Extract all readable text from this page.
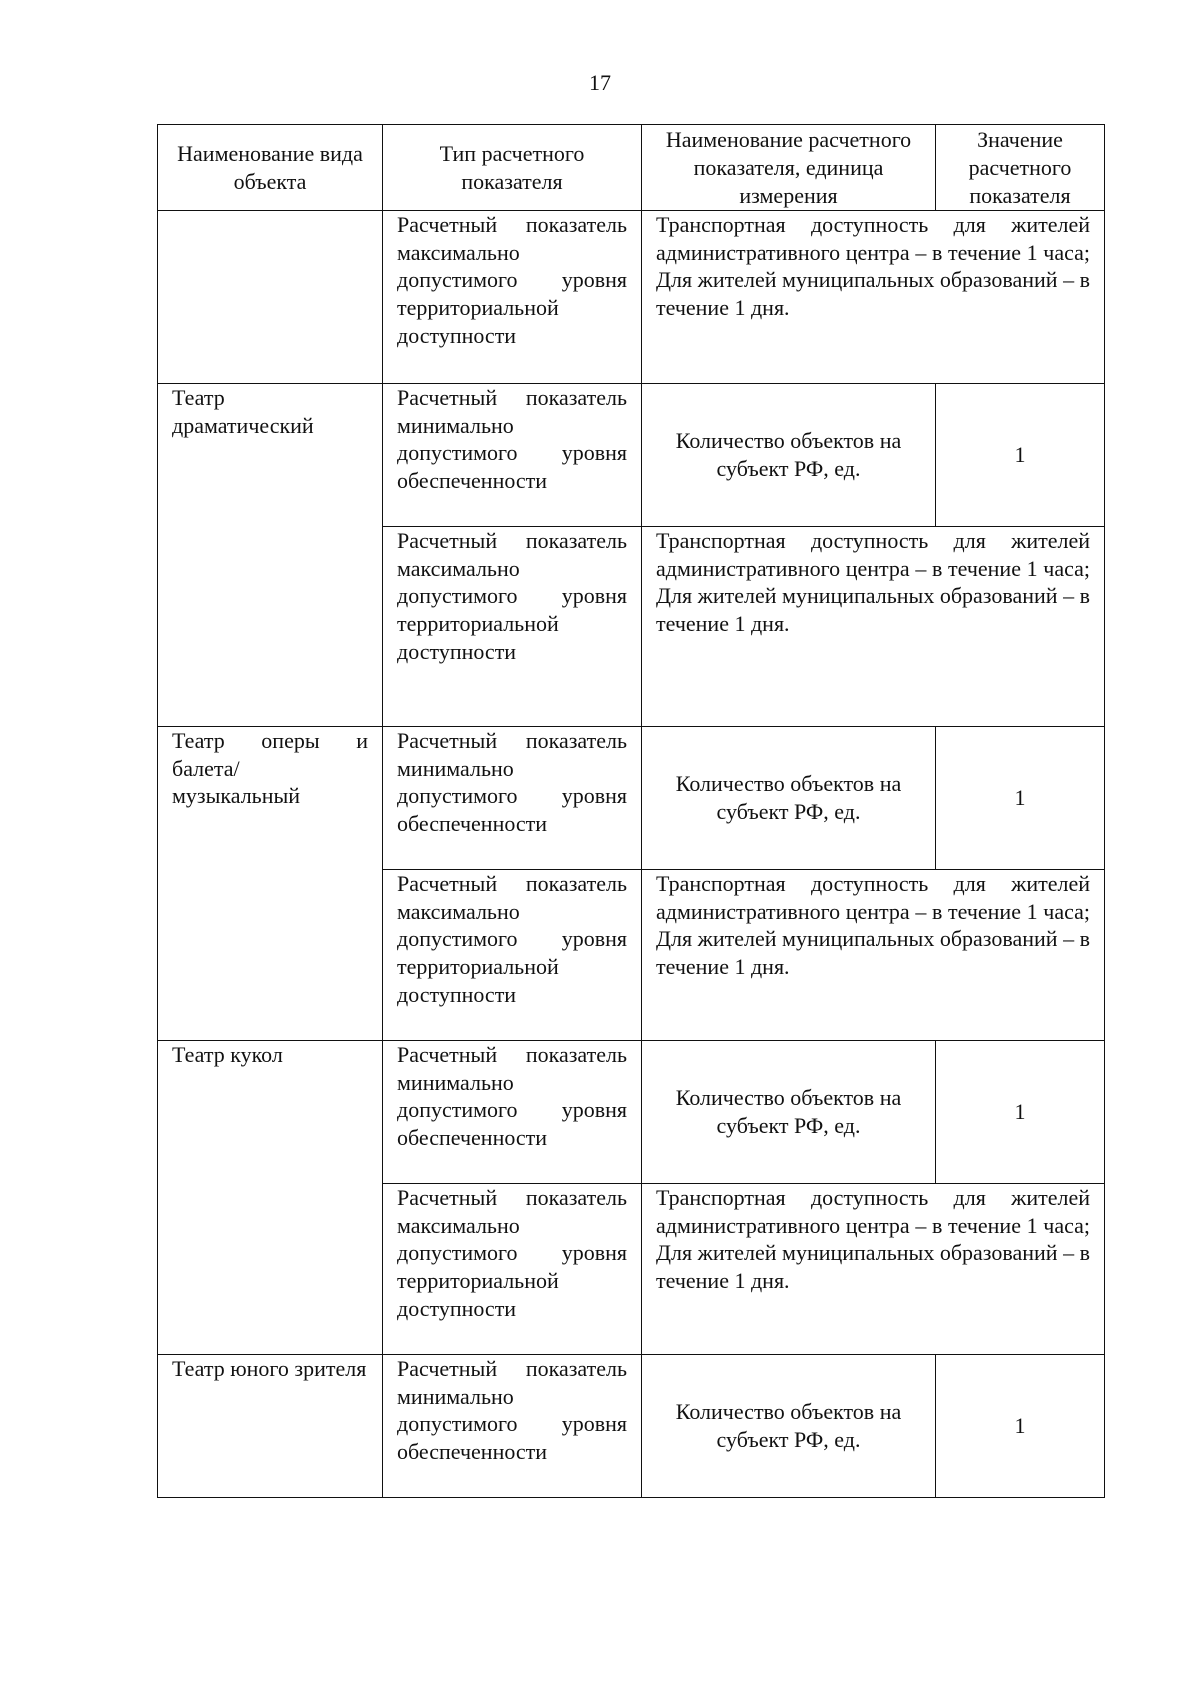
17
Наименование вида объекта	Тип расчетного показателя	Наименование расчетного показателя, единица измерения	Значение расчетного показателя
	Расчетный показатель максимально допустимого уровня территориальной доступности	Транспортная доступность для жителей административного центра – в течение 1 часа; Для жителей муниципальных образований – в течение 1 дня.	
Театр драматический	Расчетный показатель минимально допустимого уровня обеспеченности	Количество объектов на субъект РФ, ед.	1
	Расчетный показатель максимально допустимого уровня территориальной доступности	Транспортная доступность для жителей административного центра – в течение 1 часа; Для жителей муниципальных образований – в течение 1 дня.	
Театр оперы и балета/ музыкальный	Расчетный показатель минимально допустимого уровня обеспеченности	Количество объектов на субъект РФ, ед.	1
	Расчетный показатель максимально допустимого уровня территориальной доступности	Транспортная доступность для жителей административного центра – в течение 1 часа; Для жителей муниципальных образований – в течение 1 дня.	
Театр кукол	Расчетный показатель минимально допустимого уровня обеспеченности	Количество объектов на субъект РФ, ед.	1
	Расчетный показатель максимально допустимого уровня территориальной доступности	Транспортная доступность для жителей административного центра – в течение 1 часа; Для жителей муниципальных образований – в течение 1 дня.	
Театр юного зрителя	Расчетный показатель минимально допустимого уровня обеспеченности	Количество объектов на субъект РФ, ед.	1
